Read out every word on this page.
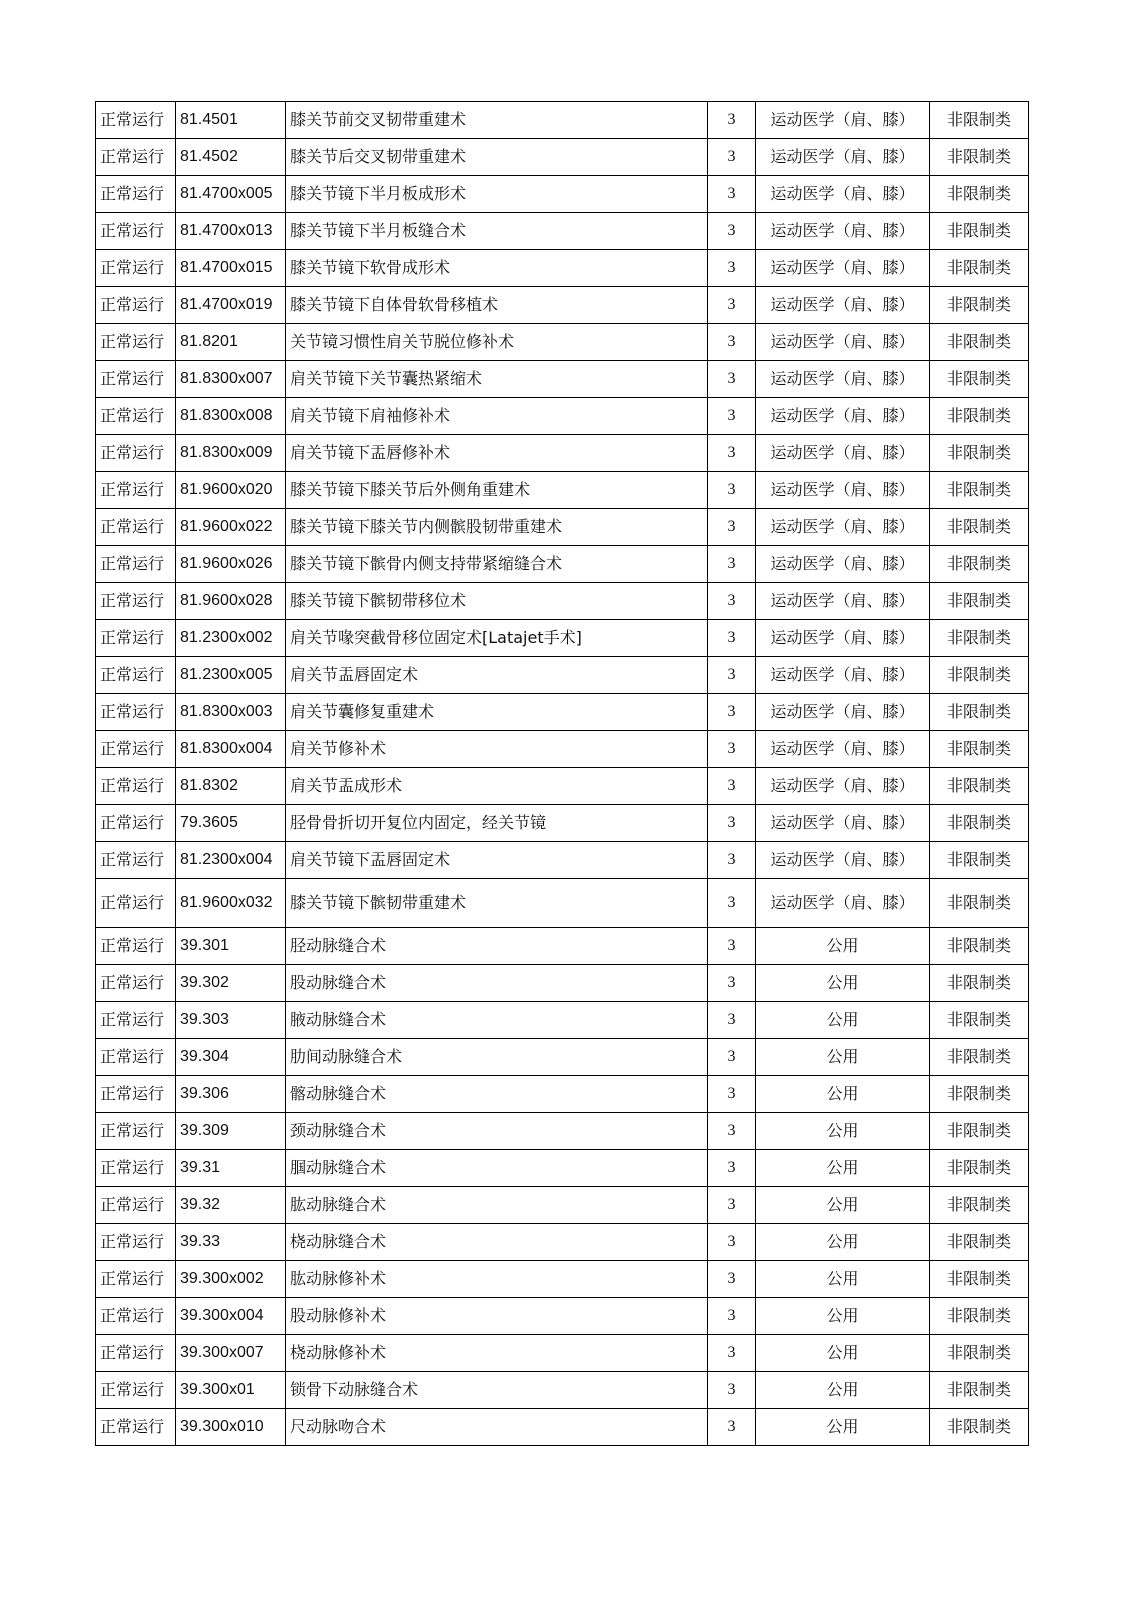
正常运行	81.4501	膝关节前交叉韧带重建术	3	运动医学（肩、膝）	非限制类
正常运行	81.4502	膝关节后交叉韧带重建术	3	运动医学（肩、膝）	非限制类
正常运行	81.4700x005	膝关节镜下半月板成形术	3	运动医学（肩、膝）	非限制类
正常运行	81.4700x013	膝关节镜下半月板缝合术	3	运动医学（肩、膝）	非限制类
正常运行	81.4700x015	膝关节镜下软骨成形术	3	运动医学（肩、膝）	非限制类
正常运行	81.4700x019	膝关节镜下自体骨软骨移植术	3	运动医学（肩、膝）	非限制类
正常运行	81.8201	关节镜习惯性肩关节脱位修补术	3	运动医学（肩、膝）	非限制类
正常运行	81.8300x007	肩关节镜下关节囊热紧缩术	3	运动医学（肩、膝）	非限制类
正常运行	81.8300x008	肩关节镜下肩袖修补术	3	运动医学（肩、膝）	非限制类
正常运行	81.8300x009	肩关节镜下盂唇修补术	3	运动医学（肩、膝）	非限制类
正常运行	81.9600x020	膝关节镜下膝关节后外侧角重建术	3	运动医学（肩、膝）	非限制类
正常运行	81.9600x022	膝关节镜下膝关节内侧髌股韧带重建术	3	运动医学（肩、膝）	非限制类
正常运行	81.9600x026	膝关节镜下髌骨内侧支持带紧缩缝合术	3	运动医学（肩、膝）	非限制类
正常运行	81.9600x028	膝关节镜下髌韧带移位术	3	运动医学（肩、膝）	非限制类
正常运行	81.2300x002	肩关节喙突截骨移位固定术[Latajet手术]	3	运动医学（肩、膝）	非限制类
正常运行	81.2300x005	肩关节盂唇固定术	3	运动医学（肩、膝）	非限制类
正常运行	81.8300x003	肩关节囊修复重建术	3	运动医学（肩、膝）	非限制类
正常运行	81.8300x004	肩关节修补术	3	运动医学（肩、膝）	非限制类
正常运行	81.8302	肩关节盂成形术	3	运动医学（肩、膝）	非限制类
正常运行	79.3605	胫骨骨折切开复位内固定，经关节镜	3	运动医学（肩、膝）	非限制类
正常运行	81.2300x004	肩关节镜下盂唇固定术	3	运动医学（肩、膝）	非限制类
正常运行	81.9600x032	膝关节镜下髌韧带重建术	3	运动医学（肩、膝）	非限制类
正常运行	39.301	胫动脉缝合术	3	公用	非限制类
正常运行	39.302	股动脉缝合术	3	公用	非限制类
正常运行	39.303	腋动脉缝合术	3	公用	非限制类
正常运行	39.304	肋间动脉缝合术	3	公用	非限制类
正常运行	39.306	髂动脉缝合术	3	公用	非限制类
正常运行	39.309	颈动脉缝合术	3	公用	非限制类
正常运行	39.31	腘动脉缝合术	3	公用	非限制类
正常运行	39.32	肱动脉缝合术	3	公用	非限制类
正常运行	39.33	桡动脉缝合术	3	公用	非限制类
正常运行	39.300x002	肱动脉修补术	3	公用	非限制类
正常运行	39.300x004	股动脉修补术	3	公用	非限制类
正常运行	39.300x007	桡动脉修补术	3	公用	非限制类
正常运行	39.300x01	锁骨下动脉缝合术	3	公用	非限制类
正常运行	39.300x010	尺动脉吻合术	3	公用	非限制类
